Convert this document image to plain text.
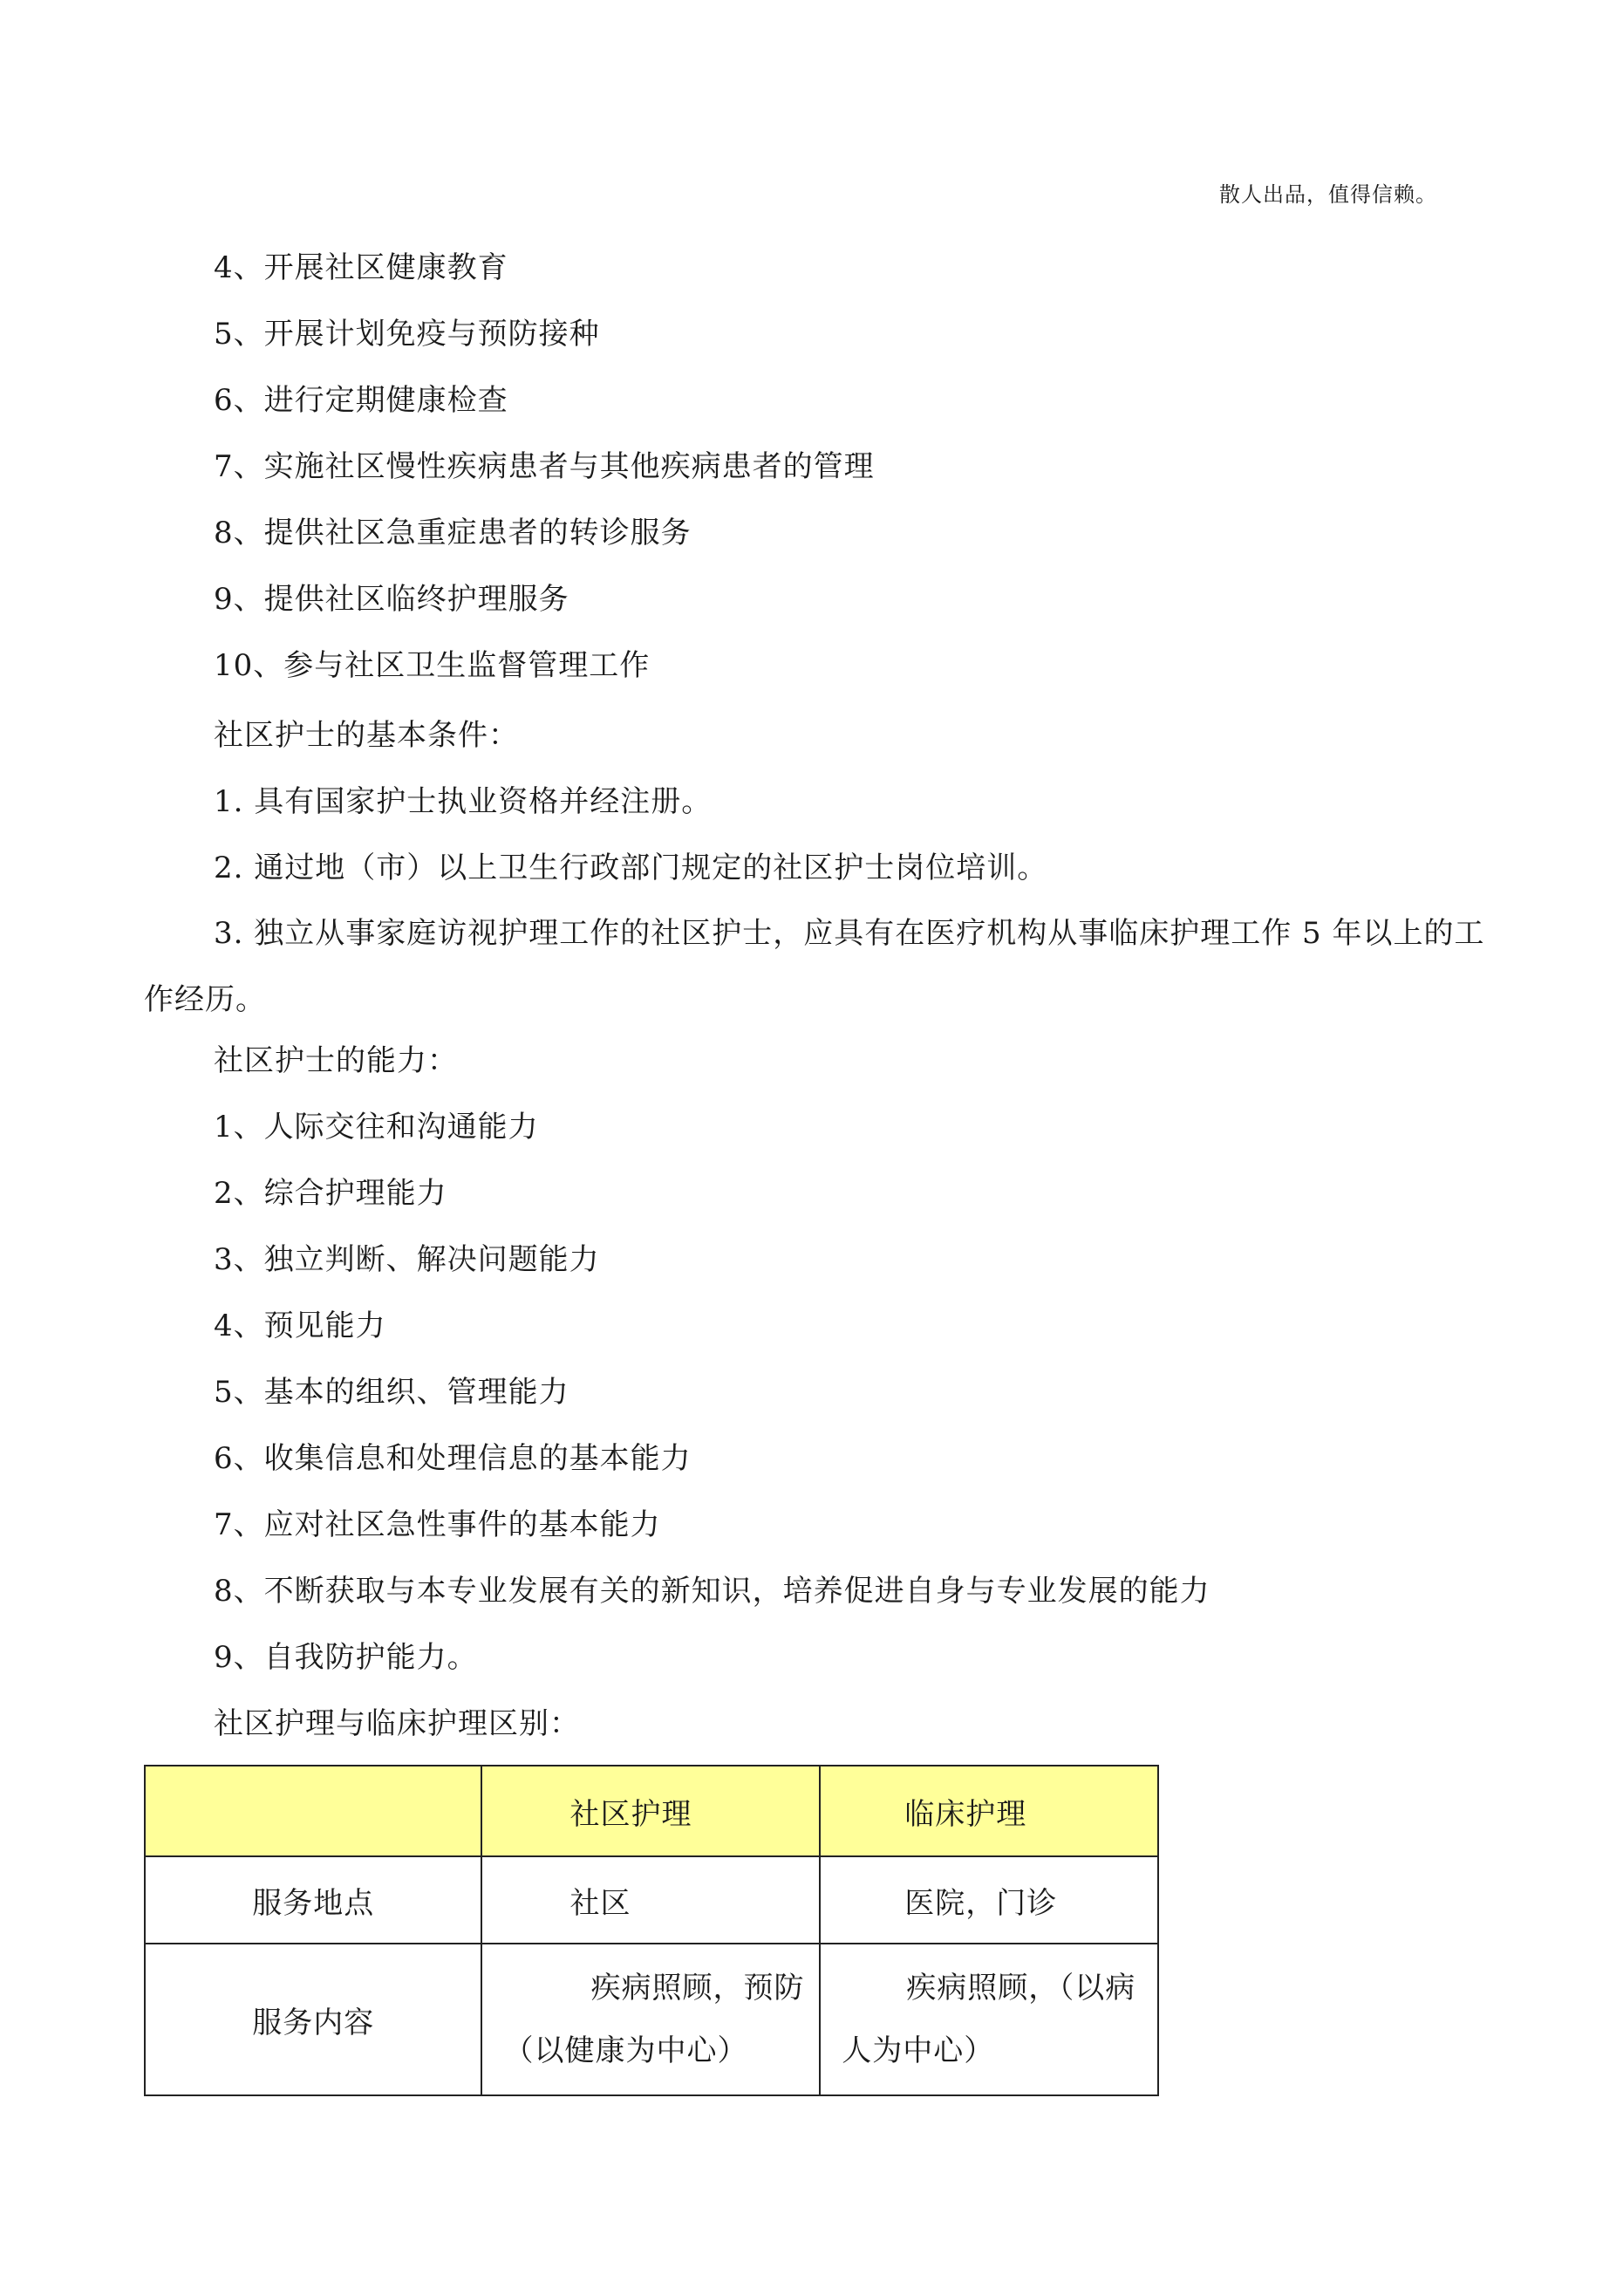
散人出品，值得信赖。
4、开展社区健康教育
5、开展计划免疫与预防接种
6、进行定期健康检查
7、实施社区慢性疾病患者与其他疾病患者的管理
8、提供社区急重症患者的转诊服务
9、提供社区临终护理服务
10、参与社区卫生监督管理工作
社区护士的基本条件：
1. 具有国家护士执业资格并经注册。
2. 通过地（市）以上卫生行政部门规定的社区护士岗位培训。
3. 独立从事家庭访视护理工作的社区护士，应具有在医疗机构从事临床护理工作 5 年以上的工作经历。
社区护士的能力：
1、人际交往和沟通能力
2、综合护理能力
3、独立判断、解决问题能力
4、预见能力
5、基本的组织、管理能力
6、收集信息和处理信息的基本能力
7、应对社区急性事件的基本能力
8、不断获取与本专业发展有关的新知识，培养促进自身与专业发展的能力
9、自我防护能力。
社区护理与临床护理区别：

	社区护理	临床护理

服务地点	社区	医院，门诊

服务内容	疾病照顾，预防（以健康为中心）	疾病照顾，（以病人为中心）
